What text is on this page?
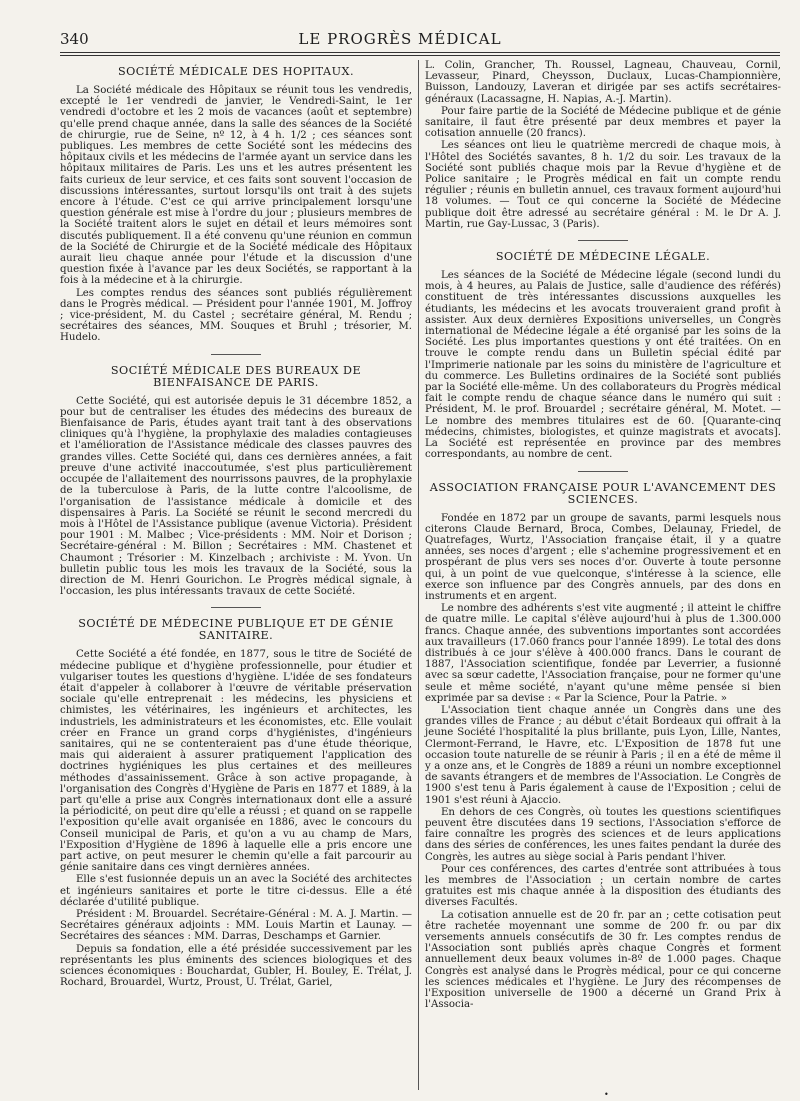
340	LE PROGRÈS MÉDICAL
SOCIÉTÉ MÉDICALE DES HOPITAUX.

La Société médicale des Hôpitaux se réunit tous les vendredis, excepté le 1er vendredi de janvier, le Vendredi-Saint, le 1er vendredi d'octobre et les 2 mois de vacances (août et septembre) qu'elle prend chaque année, dans la salle des séances de la Société de chirurgie, rue de Seine, nº 12, à 4 h. 1/2 ; ces séances sont publiques. Les membres de cette Société sont les médecins des hôpitaux civils et les médecins de l'armée ayant un service dans les hôpitaux militaires de Paris. Les uns et les autres présentent les faits curieux de leur service, et ces faits sont souvent l'occasion de discussions intéressantes, surtout lorsqu'ils ont trait à des sujets encore à l'étude. C'est ce qui arrive principalement lorsqu'une question générale est mise à l'ordre du jour ; plusieurs membres de la Société traitent alors le sujet en détail et leurs mémoires sont discutés publiquement. Il a été convenu qu'une réunion en commun de la Société de Chirurgie et de la Société médicale des Hôpitaux aurait lieu chaque année pour l'étude et la discussion d'une question fixée à l'avance par les deux Sociétés, se rapportant à la fois à la médecine et à la chirurgie.

Les comptes rendus des séances sont publiés régulièrement dans le Progrès médical. — Président pour l'année 1901, M. Joffroy ; vice-président, M. du Castel ; secrétaire général, M. Rendu ; secrétaires des séances, MM. Souques et Bruhl ; trésorier, M. Hudelo.

SOCIÉTÉ MÉDICALE DES BUREAUX DE BIENFAISANCE DE PARIS.

Cette Société, qui est autorisée depuis le 31 décembre 1852, a pour but de centraliser les études des médecins des bureaux de Bienfaisance de Paris, études ayant trait tant à des observations cliniques qu'à l'hygiène, la prophylaxie des maladies contagieuses et l'amélioration de l'Assistance médicale des classes pauvres des grandes villes. Cette Société qui, dans ces dernières années, a fait preuve d'une activité inaccoutumée, s'est plus particulièrement occupée de l'allaitement des nourrissons pauvres, de la prophylaxie de la tuberculose à Paris, de la lutte contre l'alcoolisme, de l'organisation de l'assistance médicale à domicile et des dispensaires à Paris. La Société se réunit le second mercredi du mois à l'Hôtel de l'Assistance publique (avenue Victoria). Président pour 1901 : M. Malbec ; Vice-présidents : MM. Noir et Dorison ; Secrétaire-général : M. Billon ; Secrétaires : MM. Chastenet et Chaumont ; Trésorier : M. Kinzelbach ; archiviste : M. Yvon. Un bulletin public tous les mois les travaux de la Société, sous la direction de M. Henri Gourichon. Le Progrès médical signale, à l'occasion, les plus intéressants travaux de cette Société.

SOCIÉTÉ DE MÉDECINE PUBLIQUE ET DE GÉNIE SANITAIRE.

Cette Société a été fondée, en 1877, sous le titre de Société de médecine publique et d'hygiène professionnelle, pour étudier et vulgariser toutes les questions d'hygiène. L'idée de ses fondateurs était d'appeler à collaborer à l'œuvre de véritable préservation sociale qu'elle entreprenait : les médecins, les physiciens et chimistes, les vétérinaires, les ingénieurs et architectes, les industriels, les administrateurs et les économistes, etc. Elle voulait créer en France un grand corps d'hygiénistes, d'ingénieurs sanitaires, qui ne se contenteraient pas d'une étude théorique, mais qui aideraient à assurer pratiquement l'application des doctrines hygiéniques les plus certaines et des meilleures méthodes d'assainissement. Grâce à son active propagande, à l'organisation des Congrès d'Hygiène de Paris en 1877 et 1889, à la part qu'elle a prise aux Congrès internationaux dont elle a assuré la périodicité, on peut dire qu'elle a réussi ; et quand on se rappelle l'exposition qu'elle avait organisée en 1886, avec le concours du Conseil municipal de Paris, et qu'on a vu au champ de Mars, l'Exposition d'Hygiène de 1896 à laquelle elle a pris encore une part active, on peut mesurer le chemin qu'elle a fait parcourir au génie sanitaire dans ces vingt dernières années.

Elle s'est fusionnée depuis un an avec la Société des architectes et ingénieurs sanitaires et porte le titre ci-dessus. Elle a été déclarée d'utilité publique.

Président : M. Brouardel. Secrétaire-Général : M. A. J. Martin. — Secrétaires généraux adjoints : MM. Louis Martin et Launay. — Secrétaires des séances : MM. Darras, Deschamps et Garnier.

Depuis sa fondation, elle a été présidée successivement par les représentants les plus éminents des sciences biologiques et des sciences économiques : Bouchardat, Gubler, H. Bouley, E. Trélat, J. Rochard, Brouardel, Wurtz, Proust, U. Trélat, Gariel,

L. Colin, Grancher, Th. Roussel, Lagneau, Chauveau, Cornil, Levasseur, Pinard, Cheysson, Duclaux, Lucas-Championnière, Buisson, Landouzy, Laveran et dirigée par ses actifs secrétaires-généraux (Lacassagne, H. Napias, A.-J. Martin).

Pour faire partie de la Société de Médecine publique et de génie sanitaire, il faut être présenté par deux membres et payer la cotisation annuelle (20 francs).

Les séances ont lieu le quatrième mercredi de chaque mois, à l'Hôtel des Sociétés savantes, 8 h. 1/2 du soir. Les travaux de la Société sont publiés chaque mois par la Revue d'hygiène et de Police sanitaire ; le Progrès médical en fait un compte rendu régulier ; réunis en bulletin annuel, ces travaux forment aujourd'hui 18 volumes. — Tout ce qui concerne la Société de Médecine publique doit être adressé au secrétaire général : M. le Dr A. J. Martin, rue Gay-Lussac, 3 (Paris).

SOCIÉTÉ DE MÉDECINE LÉGALE.

Les séances de la Société de Médecine légale (second lundi du mois, à 4 heures, au Palais de Justice, salle d'audience des référés) constituent de très intéressantes discussions auxquelles les étudiants, les médecins et les avocats trouveraient grand profit à assister. Aux deux dernières Expositions universelles, un Congrès international de Médecine légale a été organisé par les soins de la Société. Les plus importantes questions y ont été traitées. On en trouve le compte rendu dans un Bulletin spécial édité par l'Imprimerie nationale par les soins du ministère de l'agriculture et du commerce. Les Bulletins ordinaires de la Société sont publiés par la Société elle-même. Un des collaborateurs du Progrès médical fait le compte rendu de chaque séance dans le numéro qui suit : Président, M. le prof. Brouardel ; secrétaire général, M. Motet. — Le nombre des membres titulaires est de 60. [Quarante-cinq médecins, chimistes, biologistes, et quinze magistrats et avocats]. La Société est représentée en province par des membres correspondants, au nombre de cent.

ASSOCIATION FRANÇAISE POUR L'AVANCEMENT DES SCIENCES.

Fondée en 1872 par un groupe de savants, parmi lesquels nous citerons Claude Bernard, Broca, Combes, Delaunay, Friedel, de Quatrefages, Wurtz, l'Association française était, il y a quatre années, ses noces d'argent ; elle s'achemine progressivement et en prospérant de plus vers ses noces d'or. Ouverte à toute personne qui, à un point de vue quelconque, s'intéresse à la science, elle exerce son influence par des Congrès annuels, par des dons en instruments et en argent.

Le nombre des adhérents s'est vite augmenté ; il atteint le chiffre de quatre mille. Le capital s'élève aujourd'hui à plus de 1.300.000 francs. Chaque année, des subventions importantes sont accordées aux travailleurs (17.060 francs pour l'année 1899). Le total des dons distribués à ce jour s'élève à 400.000 francs. Dans le courant de 1887, l'Association scientifique, fondée par Leverrier, a fusionné avec sa sœur cadette, l'Association française, pour ne former qu'une seule et même société, n'ayant qu'une même pensée si bien exprimée par sa devise : « Par la Science, Pour la Patrie. »

L'Association tient chaque année un Congrès dans une des grandes villes de France ; au début c'était Bordeaux qui offrait à la jeune Société l'hospitalité la plus brillante, puis Lyon, Lille, Nantes, Clermont-Ferrand, le Havre, etc. L'Exposition de 1878 fut une occasion toute naturelle de se réunir à Paris ; il en a été de même il y a onze ans, et le Congrès de 1889 a réuni un nombre exceptionnel de savants étrangers et de membres de l'Association. Le Congrès de 1900 s'est tenu à Paris également à cause de l'Exposition ; celui de 1901 s'est réuni à Ajaccio.

En dehors de ces Congrès, où toutes les questions scientifiques peuvent être discutées dans 19 sections, l'Association s'efforce de faire connaître les progrès des sciences et de leurs applications dans des séries de conférences, les unes faites pendant la durée des Congrès, les autres au siège social à Paris pendant l'hiver.

Pour ces conférences, des cartes d'entrée sont attribuées à tous les membres de l'Association ; un certain nombre de cartes gratuites est mis chaque année à la disposition des étudiants des diverses Facultés.

La cotisation annuelle est de 20 fr. par an ; cette cotisation peut être rachetée moyennant une somme de 200 fr. ou par dix versements annuels consécutifs de 30 fr. Les comptes rendus de l'Association sont publiés après chaque Congrès et forment annuellement deux beaux volumes in-8º de 1.000 pages. Chaque Congrès est analysé dans le Progrès médical, pour ce qui concerne les sciences médicales et l'hygiène. Le Jury des récompenses de l'Exposition universelle de 1900 a décerné un Grand Prix à l'Associa-

•
